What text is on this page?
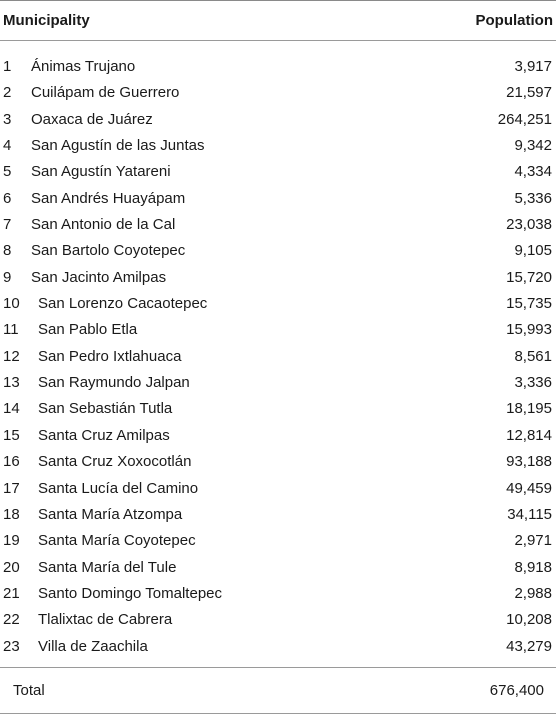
Municipality	Population
1 Ánimas Trujano	3,917
2 Cuilápam de Guerrero	21,597
3 Oaxaca de Juárez	264,251
4 San Agustín de las Juntas	9,342
5 San Agustín Yatareni	4,334
6 San Andrés Huayápam	5,336
7 San Antonio de la Cal	23,038
8 San Bartolo Coyotepec	9,105
9 San Jacinto Amilpas	15,720
10 San Lorenzo Cacaotepec	15,735
11 San Pablo Etla	15,993
12 San Pedro Ixtlahuaca	8,561
13 San Raymundo Jalpan	3,336
14 San Sebastián Tutla	18,195
15 Santa Cruz Amilpas	12,814
16 Santa Cruz Xoxocotlán	93,188
17 Santa Lucía del Camino	49,459
18 Santa María Atzompa	34,115
19 Santa María Coyotepec	2,971
20 Santa María del Tule	8,918
21 Santo Domingo Tomaltepec	2,988
22 Tlalixtac de Cabrera	10,208
23 Villa de Zaachila	43,279
Total	676,400
